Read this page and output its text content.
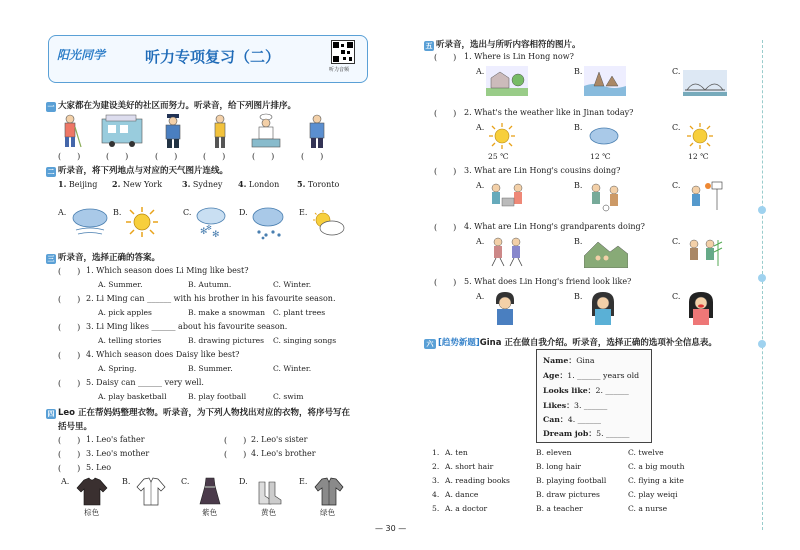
阳光同学	听力专项复习（二）
听力音频
一 大家都在为建设美好的社区而努力。听录音，给下列图片排序。
(　　)	(　　)	(　　)	(　　)	(　　)	(　　)
二 听录音，将下列地点与对应的天气图片连线。
1. Beijing 2. New York 3. Sydney 4. London 5. Toronto
A.	B.	C.
✻ ✻
✻
D.	E.
三 听录音，选择正确的答案。
(　　) 1. Which season does Li Ming like best?
A. Summer.	B. Autumn.	C. Winter.
(　　) 2. Li Ming can ______ with his brother in his favourite season.
A. pick apples	B. make a snowman C. plant trees
(　　) 3. Li Ming likes ______ about his favourite season.
A. telling stories	B. drawing pictures C. singing songs
(　　) 4. Which season does Daisy like best?
A. Spring.	B. Summer.	C. Winter.
(　　) 5. Daisy can ______ very well.
A. play basketball	B. play football	C. swim
四 Leo 正在帮妈妈整理衣物。听录音，为下列人物找出对应的衣物，将序号写在
括号里。
(　　) 1. Leo's father	(　　) 2. Leo's sister
(　　) 3. Leo's mother	(　　) 4. Leo's brother
(　　) 5. Leo
A.
棕色
B.	C.
紫色
D.
黄色
E.
绿色
五 听录音，选出与所听内容相符的图片。
(　　) 1. Where is Lin Hong now?
A.	B.	C.
(　　) 2. What's the weather like in Jinan today?
A.
25 ℃
B.
12 ℃
C.
12 ℃
(　　) 3. What are Lin Hong's cousins doing?
A.	B.	C.
(　　) 4. What are Lin Hong's grandparents doing?
A.	B.	C.
(　　) 5. What does Lin Hong's friend look like?
A.	B.	C.
六 [趋势新题]Gina 正在做自我介绍。听录音，选择正确的选项补全信息表。
Name：Gina
Age：1. ______ years old
Looks like：2. ______
Likes：3. ______
Can：4. ______
Dream job：5. ______
1. A. ten	B. eleven	C. twelve
2. A. short hair	B. long hair	C. a big mouth
3. A. reading books	B. playing football	C. flying a kite
4. A. dance	B. draw pictures	C. play weiqi
5. A. a doctor	B. a teacher	C. a nurse
— 30 —
